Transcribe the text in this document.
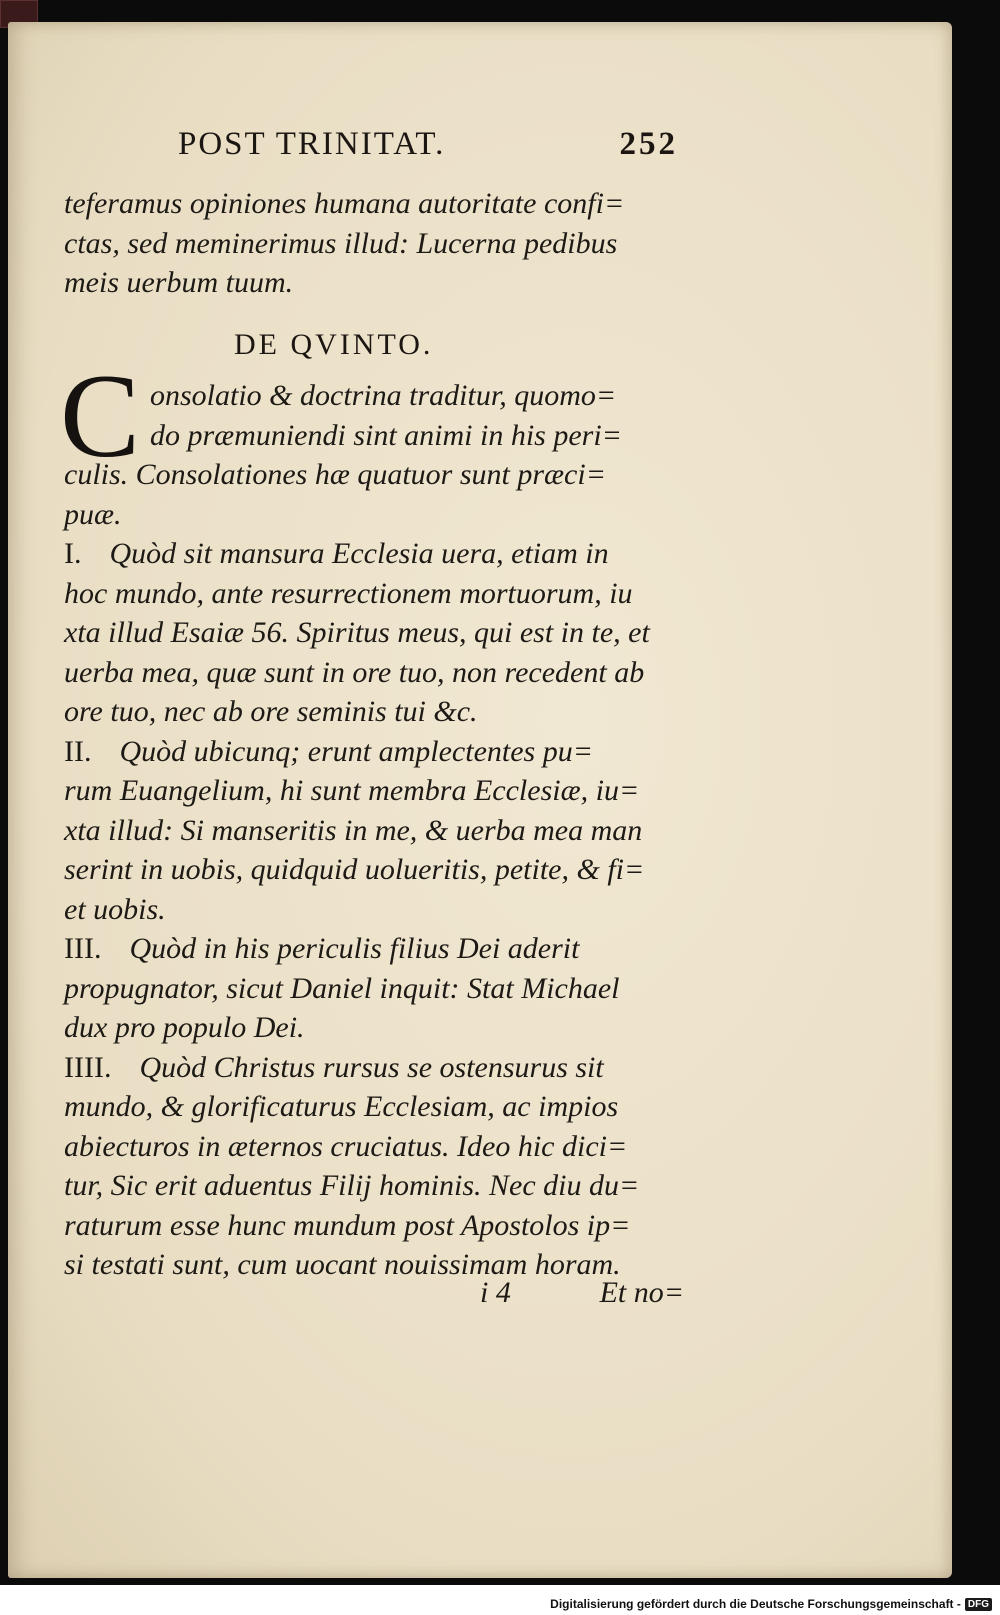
POST TRINITAT.	252
teferamus opiniones humana autoritate confi=
ctas, sed meminerimus illud: Lucerna pedibus
meis uerbum tuum.
DE QVINTO.
C onsolatio & doctrina traditur, quomo=
do præmuniendi sint animi in his peri=
culis. Consolationes hæ quatuor sunt præci=
puæ.
I. Quòd sit mansura Ecclesia uera, etiam in
hoc mundo, ante resurrectionem mortuorum, iu
xta illud Esaiæ 56. Spiritus meus, qui est in te, et
uerba mea, quæ sunt in ore tuo, non recedent ab
ore tuo, nec ab ore seminis tui &c.
II. Quòd ubicunq; erunt amplectentes pu=
rum Euangelium, hi sunt membra Ecclesiæ, iu=
xta illud: Si manseritis in me, & uerba mea man
serint in uobis, quidquid uolueritis, petite, & fi=
et uobis.
III. Quòd in his periculis filius Dei aderit
propugnator, sicut Daniel inquit: Stat Michael
dux pro populo Dei.
IIII. Quòd Christus rursus se ostensurus sit
mundo, & glorificaturus Ecclesiam, ac impios
abiecturos in æternos cruciatus. Ideo hic dici=
tur, Sic erit aduentus Filij hominis. Nec diu du=
raturum esse hunc mundum post Apostolos ip=
si testati sunt, cum uocant nouissimam horam.
i 4	Et no=
Digitalisierung gefördert durch die Deutsche Forschungsgemeinschaft - DFG
